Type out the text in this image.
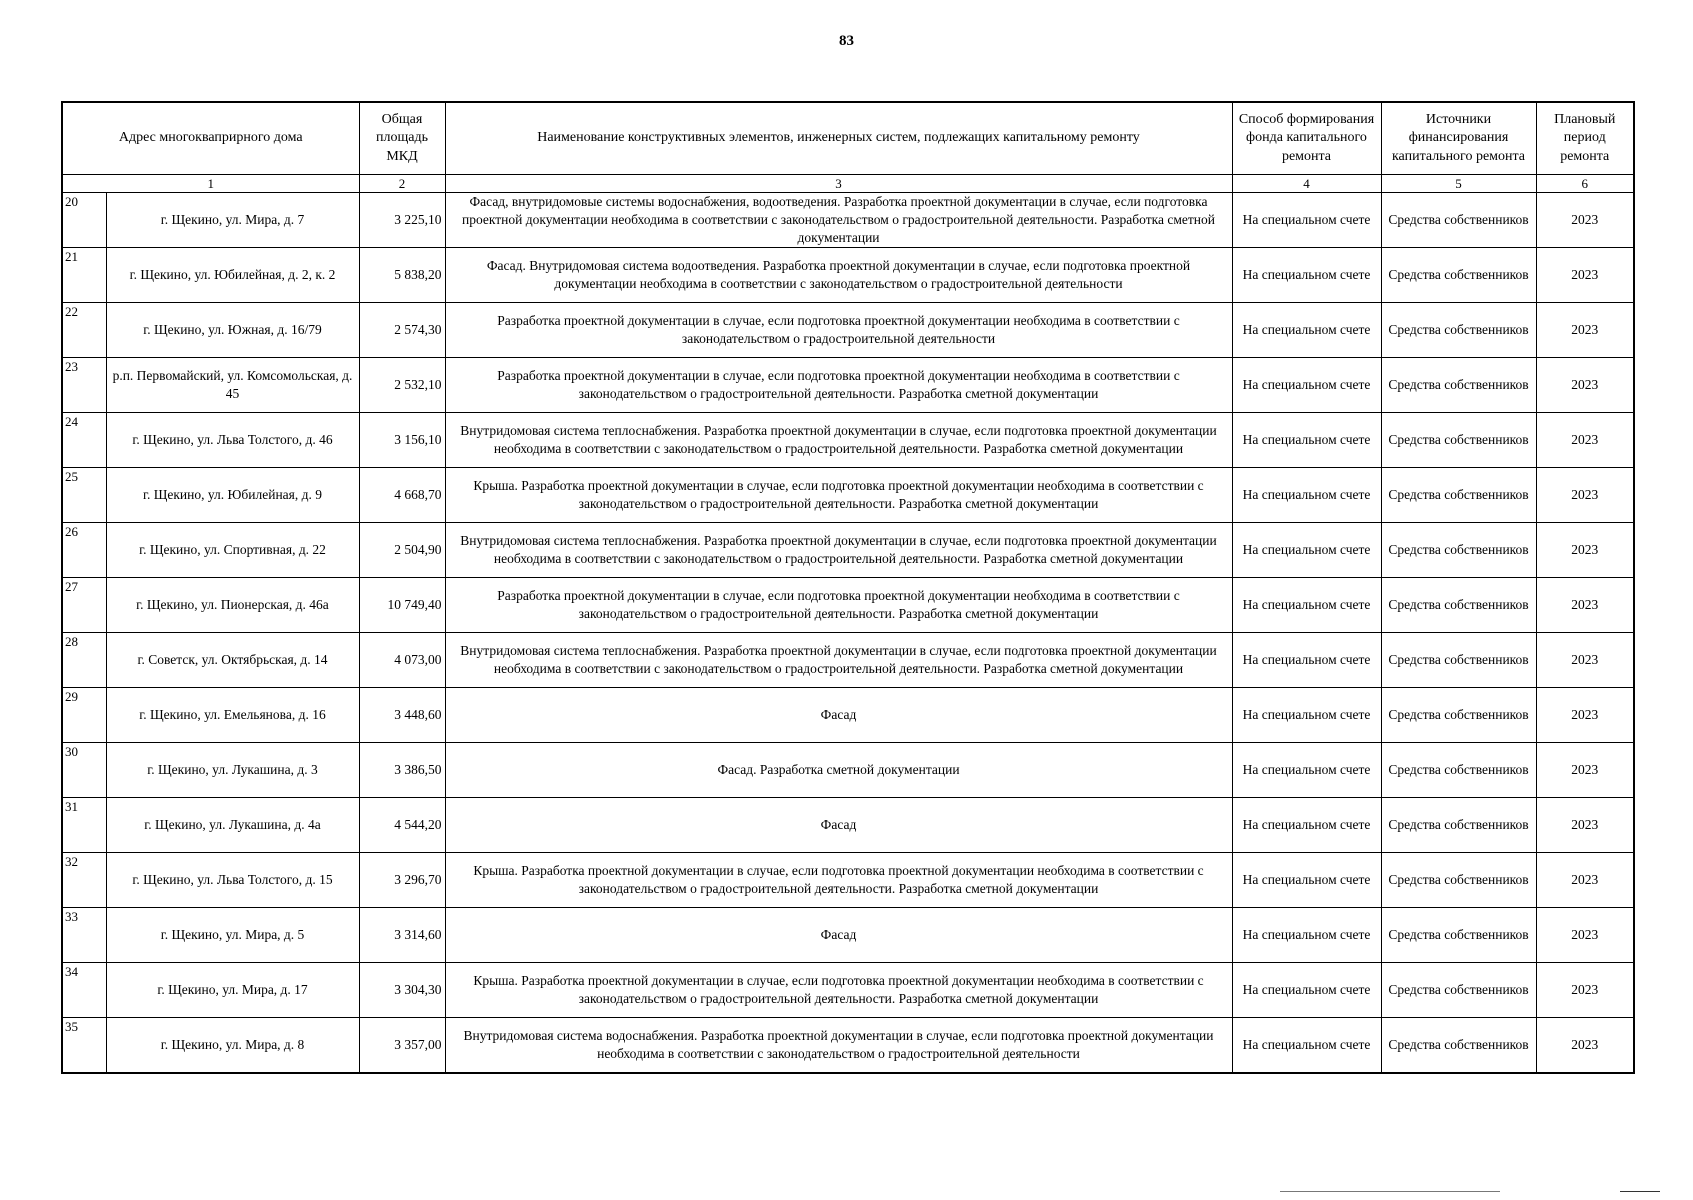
83
Адрес многокваприрного дома		Общая площадь МКД	Наименование конструктивных элементов, инженерных систем, подлежащих капитальному ремонту	Способ формирования фонда капитального ремонта	Источники финансирования капитального ремонта	Плановый период ремонта
1		2	3	4	5	6
20	г. Щекино, ул. Мира, д. 7	3 225,10	Фасад, внутридомовые системы водоснабжения, водоотведения. Разработка проектной документации в случае, если подготовка проектной документации необходима в соответствии с законодательством о градостроительной деятельности. Разработка сметной документации	На специальном счете	Средства собственников	2023
21	г. Щекино, ул. Юбилейная, д. 2, к. 2	5 838,20	Фасад. Внутридомовая система водоотведения. Разработка проектной документации в случае, если подготовка проектной документации необходима в соответствии с законодательством о градостроительной деятельности	На специальном счете	Средства собственников	2023
22	г. Щекино, ул. Южная, д. 16/79	2 574,30	Разработка проектной документации в случае, если подготовка проектной документации необходима в соответствии с законодательством о градостроительной деятельности	На специальном счете	Средства собственников	2023
23	р.п. Первомайский, ул. Комсомольская, д. 45	2 532,10	Разработка проектной документации в случае, если подготовка проектной документации необходима в соответствии с законодательством о градостроительной деятельности. Разработка сметной документации	На специальном счете	Средства собственников	2023
24	г. Щекино, ул. Льва Толстого, д. 46	3 156,10	Внутридомовая система теплоснабжения. Разработка проектной документации в случае, если подготовка проектной документации необходима в соответствии с законодательством о градостроительной деятельности. Разработка сметной документации	На специальном счете	Средства собственников	2023
25	г. Щекино, ул. Юбилейная, д. 9	4 668,70	Крыша. Разработка проектной документации в случае, если подготовка проектной документации необходима в соответствии с законодательством о градостроительной деятельности. Разработка сметной документации	На специальном счете	Средства собственников	2023
26	г. Щекино, ул. Спортивная, д. 22	2 504,90	Внутридомовая система теплоснабжения. Разработка проектной документации в случае, если подготовка проектной документации необходима в соответствии с законодательством о градостроительной деятельности. Разработка сметной документации	На специальном счете	Средства собственников	2023
27	г. Щекино, ул. Пионерская, д. 46а	10 749,40	Разработка проектной документации в случае, если подготовка проектной документации необходима в соответствии с законодательством о градостроительной деятельности. Разработка сметной документации	На специальном счете	Средства собственников	2023
28	г. Советск, ул. Октябрьская, д. 14	4 073,00	Внутридомовая система теплоснабжения. Разработка проектной документации в случае, если подготовка проектной документации необходима в соответствии с законодательством о градостроительной деятельности. Разработка сметной документации	На специальном счете	Средства собственников	2023
29	г. Щекино, ул. Емельянова, д. 16	3 448,60	Фасад	На специальном счете	Средства собственников	2023
30	г. Щекино, ул. Лукашина, д. 3	3 386,50	Фасад. Разработка сметной документации	На специальном счете	Средства собственников	2023
31	г. Щекино, ул. Лукашина, д. 4а	4 544,20	Фасад	На специальном счете	Средства собственников	2023
32	г. Щекино, ул. Льва Толстого, д. 15	3 296,70	Крыша. Разработка проектной документации в случае, если подготовка проектной документации необходима в соответствии с законодательством о градостроительной деятельности. Разработка сметной документации	На специальном счете	Средства собственников	2023
33	г. Щекино, ул. Мира, д. 5	3 314,60	Фасад	На специальном счете	Средства собственников	2023
34	г. Щекино, ул. Мира, д. 17	3 304,30	Крыша. Разработка проектной документации в случае, если подготовка проектной документации необходима в соответствии с законодательством о градостроительной деятельности. Разработка сметной документации	На специальном счете	Средства собственников	2023
35	г. Щекино, ул. Мира, д. 8	3 357,00	Внутридомовая система водоснабжения. Разработка проектной документации в случае, если подготовка проектной документации необходима в соответствии с законодательством о градостроительной деятельности	На специальном счете	Средства собственников	2023
